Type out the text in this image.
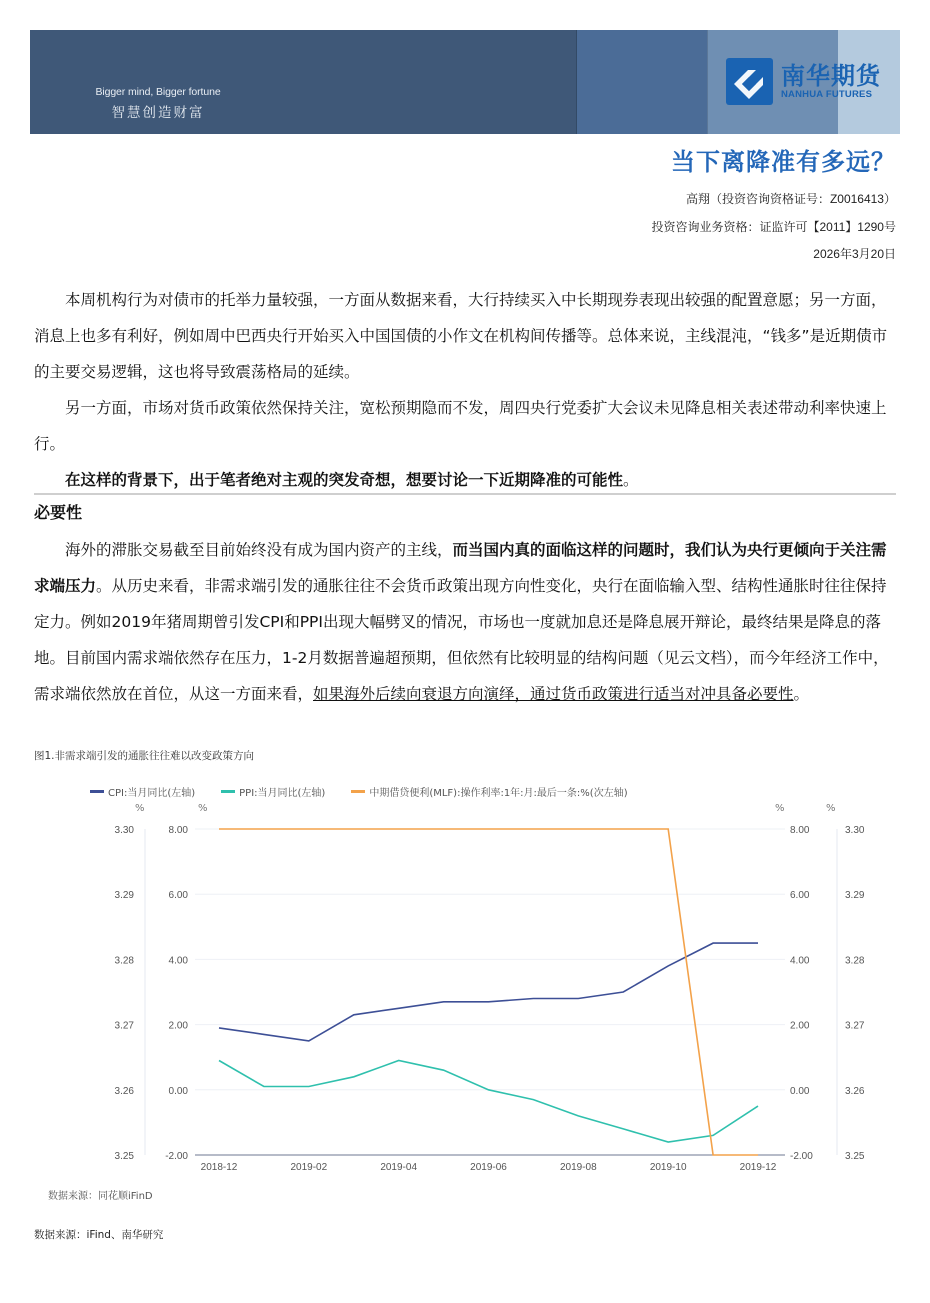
Bigger mind, Bigger fortune
智慧创造财富
南华期货
NANHUA FUTURES
当下离降准有多远？
高翔（投资咨询资格证号：Z0016413）
投资咨询业务资格：证监许可【2011】1290号
2026年3月20日

本周机构行为对债市的托举力量较强，一方面从数据来看，大行持续买入中长期现券表现出较强的配置意愿；另一方面，消息上也多有利好，例如周中巴西央行开始买入中国国债的小作文在机构间传播等。总体来说，主线混沌，“钱多”是近期债市的主要交易逻辑，这也将导致震荡格局的延续。

另一方面，市场对货币政策依然保持关注，宽松预期隐而不发，周四央行党委扩大会议未见降息相关表述带动利率快速上行。

在这样的背景下，出于笔者绝对主观的突发奇想，想要讨论一下近期降准的可能性。

必要性

海外的滞胀交易截至目前始终没有成为国内资产的主线，而当国内真的面临这样的问题时，我们认为央行更倾向于关注需求端压力。从历史来看，非需求端引发的通胀往往不会货币政策出现方向性变化，央行在面临输入型、结构性通胀时往往保持定力。例如2019年猪周期曾引发CPI和PPI出现大幅劈叉的情况，市场也一度就加息还是降息展开辩论，最终结果是降息的落地。目前国内需求端依然存在压力，1-2月数据普遍超预期，但依然有比较明显的结构问题（见云文档），而今年经济工作中，需求端依然放在首位，从这一方面来看，如果海外后续向衰退方向演绎，通过货币政策进行适当对冲具备必要性。

图1.非需求端引发的通胀往往难以改变政策方向
CPI:当月同比(左轴)	PPI:当月同比(左轴)	中期借贷便利(MLF):操作利率:1年:月:最后一条:%(次左轴)
%	%	%	%
8.00	8.00
6.00	6.00
4.00	4.00
2.00	2.00
0.00	0.00
-2.00	-2.00
3.30	3.30
3.29	3.29
3.28	3.28
3.27	3.27
3.26	3.26
3.25	3.25
2018-12	2019-02	2019-04	2019-06	2019-08	2019-10	2019-12
数据来源：同花顺iFinD
数据来源：iFind、南华研究
